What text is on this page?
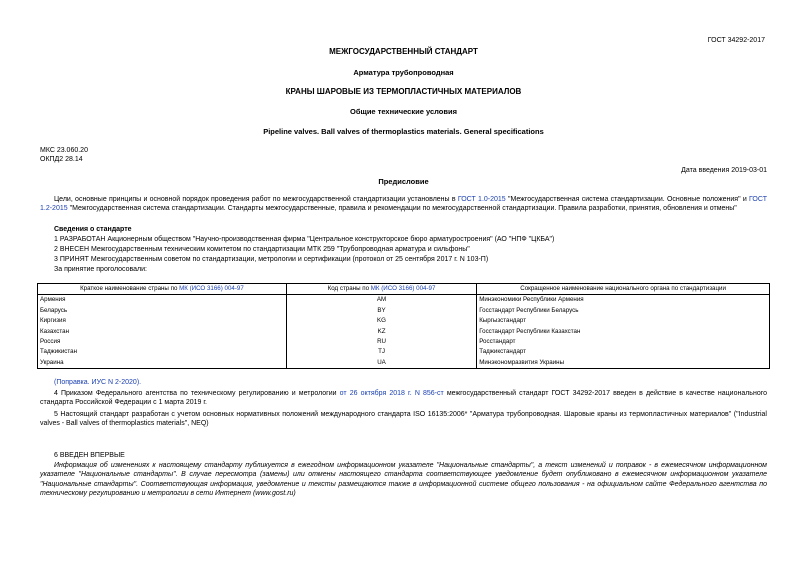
ГОСТ 34292-2017
МЕЖГОСУДАРСТВЕННЫЙ СТАНДАРТ
Арматура трубопроводная
КРАНЫ ШАРОВЫЕ ИЗ ТЕРМОПЛАСТИЧНЫХ МАТЕРИАЛОВ
Общие технические условия
Pipeline valves. Ball valves of thermoplastics materials. General specifications
МКС 23.060.20
ОКПД2 28.14
Дата введения 2019-03-01
Предисловие

Цели, основные принципы и основной порядок проведения работ по межгосударственной стандартизации установлены в ГОСТ 1.0-2015 "Межгосударственная система стандартизации. Основные положения" и ГОСТ 1.2-2015 "Межгосударственная система стандартизации. Стандарты межгосударственные, правила и рекомендации по межгосударственной стандартизации. Правила разработки, принятия, обновления и отмены"

Сведения о стандарте
1 РАЗРАБОТАН Акционерным обществом "Научно-производственная фирма "Центральное конструкторское бюро арматуростроения" (АО "НПФ "ЦКБА")
2 ВНЕСЕН Межгосударственным техническим комитетом по стандартизации МТК 259 "Трубопроводная арматура и сильфоны"
3 ПРИНЯТ Межгосударственным советом по стандартизации, метрологии и сертификации (протокол от 25 сентября 2017 г. N 103-П)
За принятие проголосовали:
Краткое наименование страны по МК (ИСО 3166) 004-97	Код страны по МК (ИСО 3166) 004-97	Сокращенное наименование национального органа по стандартизации
Армения	AM	Минэкономики Республики Армения
Беларусь	BY	Госстандарт Республики Беларусь
Киргизия	KG	Кыргызстандарт
Казахстан	KZ	Госстандарт Республики Казахстан
Россия	RU	Росстандарт
Таджикистан	TJ	Таджикстандарт
Украина	UA	Минэкономразвития Украины
(Поправка. ИУС N 2-2020).

4 Приказом Федерального агентства по техническому регулированию и метрологии от 26 октября 2018 г. N 856-ст межгосударственный стандарт ГОСТ 34292-2017 введен в действие в качестве национального стандарта Российской Федерации с 1 марта 2019 г.

5 Настоящий стандарт разработан с учетом основных нормативных положений международного стандарта ISO 16135:2006* "Арматура трубопроводная. Шаровые краны из термопластичных материалов" ("Industrial valves - Ball valves of thermoplastics materials", NEQ)

6 ВВЕДЕН ВПЕРВЫЕ

Информация об изменениях к настоящему стандарту публикуется в ежегодном информационном указателе "Национальные стандарты", а текст изменений и поправок - в ежемесячном информационном указателе "Национальные стандарты". В случае пересмотра (замены) или отмены настоящего стандарта соответствующее уведомление будет опубликовано в ежемесячном информационном указателе "Национальные стандарты". Соответствующая информация, уведомление и тексты размещаются также в информационной системе общего пользования - на официальном сайте Федерального агентства по техническому регулированию и метрологии в сети Интернет (www.gost.ru)
